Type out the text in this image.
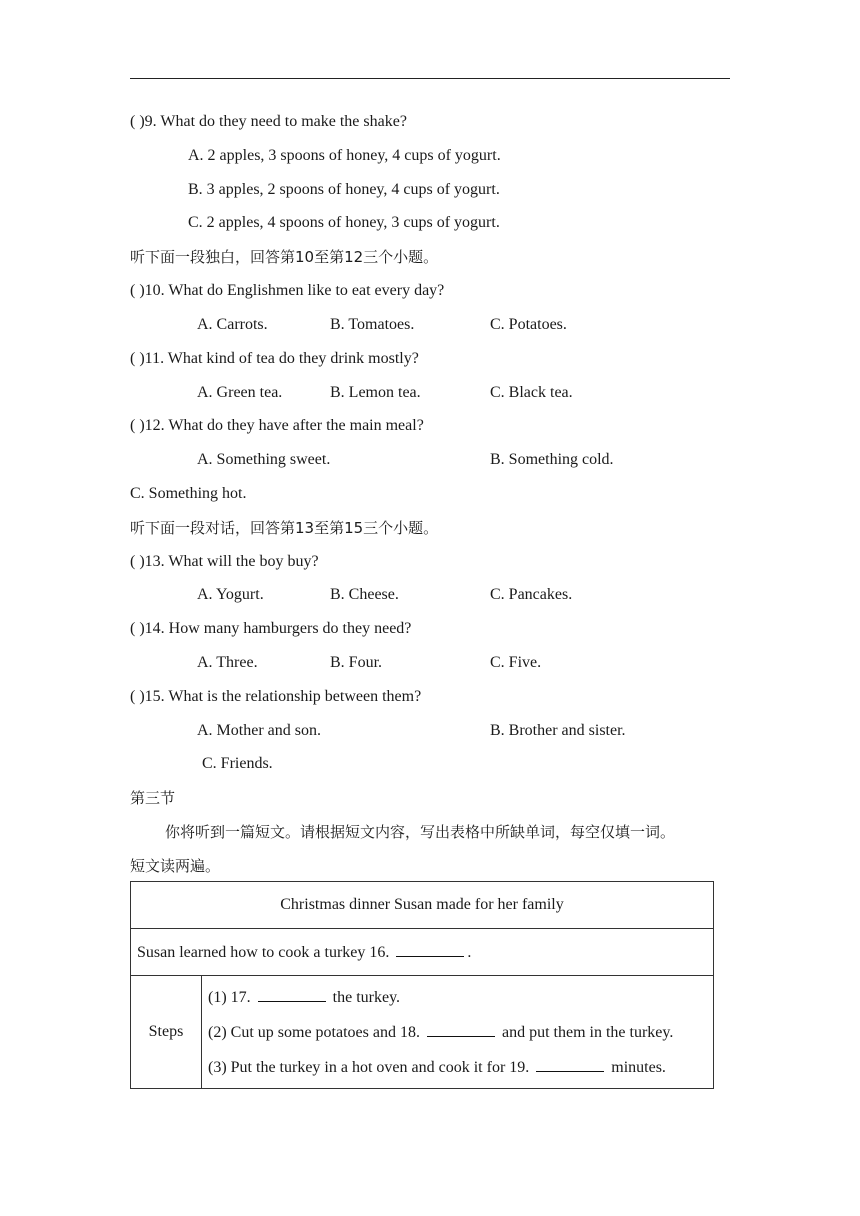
( )9. What do they need to make the shake?
A. 2 apples, 3 spoons of honey, 4 cups of yogurt.
B. 3 apples, 2 spoons of honey, 4 cups of yogurt.
C. 2 apples, 4 spoons of honey, 3 cups of yogurt.
听下面一段独白，回答第10至第12三个小题。
( )10. What do Englishmen like to eat every day?
A. Carrots.	B. Tomatoes.	C. Potatoes.
( )11. What kind of tea do they drink mostly?
A. Green tea.	B. Lemon tea.	C. Black tea.
( )12. What do they have after the main meal?
A. Something sweet.	B. Something cold.
C. Something hot.
听下面一段对话，回答第13至第15三个小题。
( )13. What will the boy buy?
A. Yogurt.	B. Cheese.	C. Pancakes.
( )14. How many hamburgers do they need?
A. Three.	B. Four.	C. Five.
( )15. What is the relationship between them?
A. Mother and son.	B. Brother and sister.
C. Friends.
第三节
你将听到一篇短文。请根据短文内容，写出表格中所缺单词，每空仅填一词。
短文读两遍。
Christmas dinner Susan made for her family
Susan learned how to cook a turkey 16.	.
Steps	
(1) 17.	the turkey.
(2) Cut up some potatoes and 18.	and put them in the turkey.
(3) Put the turkey in a hot oven and cook it for 19.	minutes.
